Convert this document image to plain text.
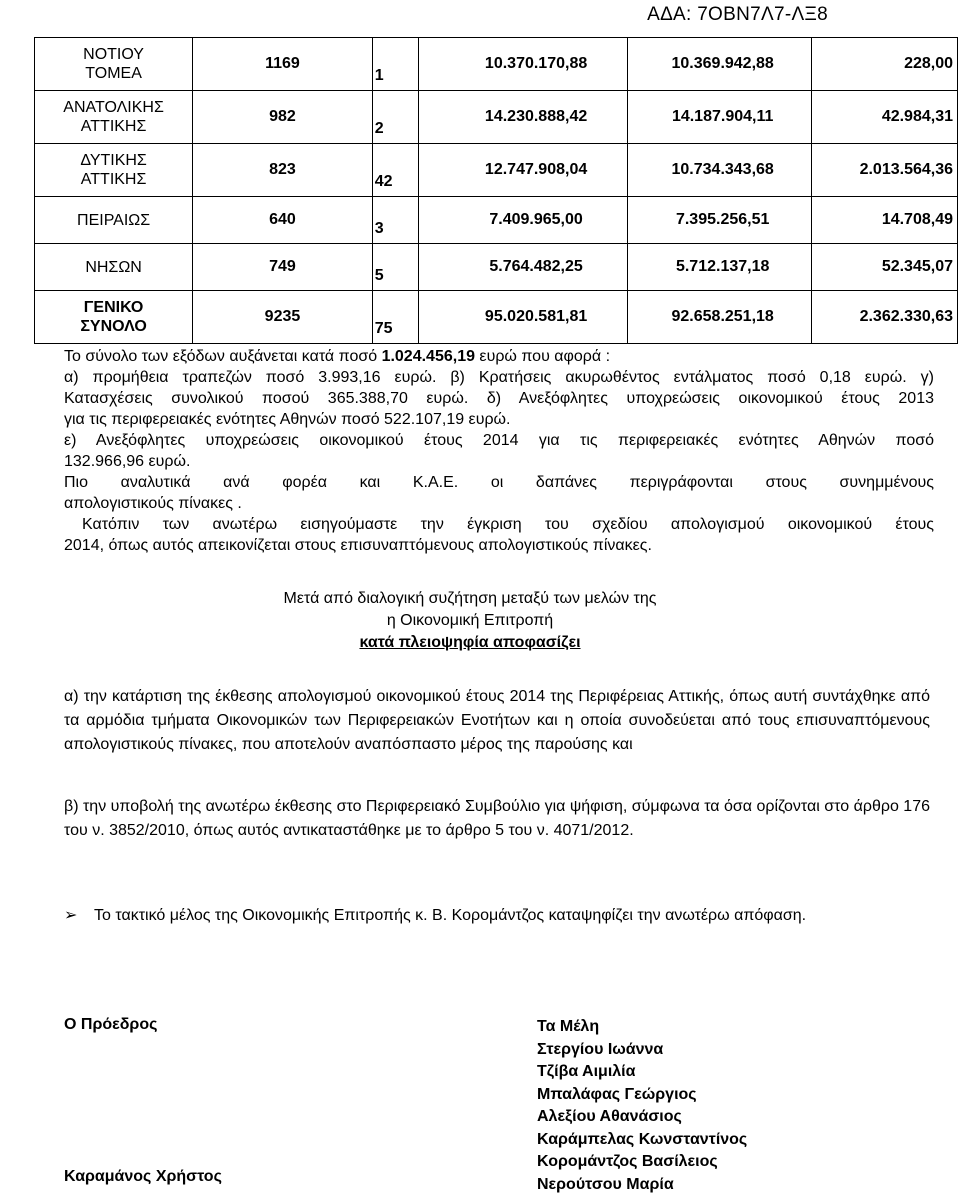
ΑΔΑ: 7ΟΒΝ7Λ7-ΛΞ8
ΝΟΤΙΟΥ
ΤΟΜΕΑ	1169	1	10.370.170,88	10.369.942,88	228,00
ΑΝΑΤΟΛΙΚΗΣ
ΑΤΤΙΚΗΣ	982	2	14.230.888,42	14.187.904,11	42.984,31
ΔΥΤΙΚΗΣ
ΑΤΤΙΚΗΣ	823	42	12.747.908,04	10.734.343,68	2.013.564,36
ΠΕΙΡΑΙΩΣ	640	3	7.409.965,00	7.395.256,51	14.708,49
ΝΗΣΩΝ	749	5	5.764.482,25	5.712.137,18	52.345,07
ΓΕΝΙΚΟ
ΣΥΝΟΛΟ	9235	75	95.020.581,81	92.658.251,18	2.362.330,63

Το σύνολο των εξόδων αυξάνεται κατά ποσό 1.024.456,19 ευρώ που αφορά :

α) προμήθεια τραπεζών ποσό 3.993,16 ευρώ. β) Κρατήσεις ακυρωθέντος εντάλματος ποσό 0,18 ευρώ. γ)

Κατασχέσεις συνολικού ποσού 365.388,70 ευρώ. δ) Ανεξόφλητες υποχρεώσεις οικονομικού έτους 2013

για τις περιφερειακές ενότητες Αθηνών ποσό 522.107,19 ευρώ.

ε) Ανεξόφλητες υποχρεώσεις οικονομικού έτους 2014 για τις περιφερειακές ενότητες Αθηνών ποσό

132.966,96 ευρώ.

Πιο αναλυτικά ανά φορέα και Κ.Α.Ε. οι δαπάνες περιγράφονται στους συνημμένους

απολογιστικούς πίνακες .

Κατόπιν των ανωτέρω εισηγούμαστε την έγκριση του σχεδίου απολογισμού οικονομικού έτους

2014, όπως αυτός απεικονίζεται στους επισυναπτόμενους απολογιστικούς πίνακες.

Μετά από διαλογική συζήτηση μεταξύ των μελών της
η Οικονομική Επιτροπή
κατά πλειοψηφία αποφασίζει
α) την κατάρτιση της έκθεσης απολογισμού οικονομικού έτους 2014 της Περιφέρειας Αττικής, όπως αυτή συντάχθηκε από τα αρμόδια τμήματα Οικονομικών των Περιφερειακών Ενοτήτων και η οποία συνοδεύεται από τους επισυναπτόμενους απολογιστικούς πίνακες, που αποτελούν αναπόσπαστο μέρος της παρούσης και
β) την υποβολή της ανωτέρω έκθεσης στο Περιφερειακό Συμβούλιο για ψήφιση, σύμφωνα τα όσα ορίζονται στο άρθρο 176 του ν. 3852/2010, όπως αυτός αντικαταστάθηκε με το άρθρο 5 του ν. 4071/2012.
➢ Το τακτικό μέλος της Οικονομικής Επιτροπής κ. Β. Κορομάντζος καταψηφίζει την ανωτέρω απόφαση.
Ο Πρόεδρος
Καραμάνος Χρήστος
Τα Μέλη
Στεργίου Ιωάννα
Τζίβα Αιμιλία
Μπαλάφας Γεώργιος
Αλεξίου Αθανάσιος
Καράμπελας Κωνσταντίνος
Κορομάντζος Βασίλειος
Νερούτσου Μαρία
